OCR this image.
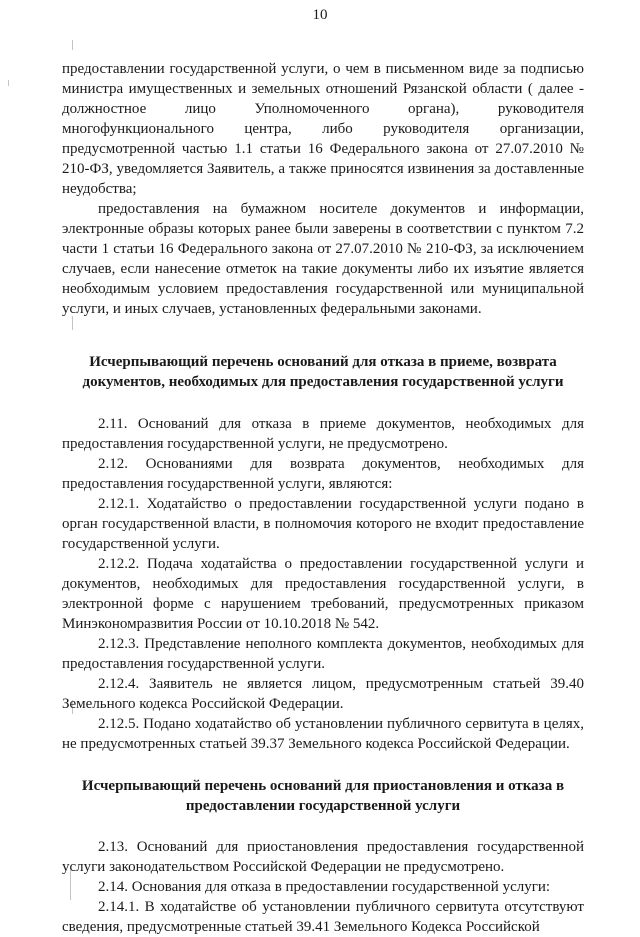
10

предоставлении государственной услуги, о чем в письменном виде за подписью министра имущественных и земельных отношений Рязанской области ( далее - должностное лицо Уполномоченного органа), руководителя многофункционального центра, либо руководителя организации, предусмотренной частью 1.1 статьи 16 Федерального закона от 27.07.2010 № 210-ФЗ, уведомляется Заявитель, а также приносятся извинения за доставленные неудобства;

предоставления на бумажном носителе документов и информации, электронные образы которых ранее были заверены в соответствии с пунктом 7.2 части 1 статьи 16 Федерального закона от 27.07.2010 № 210-ФЗ, за исключением случаев, если нанесение отметок на такие документы либо их изъятие является необходимым условием предоставления государственной или муниципальной услуги, и иных случаев, установленных федеральными законами.

Исчерпывающий перечень оснований для отказа в приеме, возврата документов, необходимых для предоставления государственной услуги

2.11. Оснований для отказа в приеме документов, необходимых для предоставления государственной услуги, не предусмотрено.

2.12. Основаниями для возврата документов, необходимых для предоставления государственной услуги, являются:

2.12.1. Ходатайство о предоставлении государственной услуги подано в орган государственной власти, в полномочия которого не входит предоставление государственной услуги.

2.12.2. Подача ходатайства о предоставлении государственной услуги и документов, необходимых для предоставления государственной услуги, в электронной форме с нарушением требований, предусмотренных приказом Минэкономразвития России от 10.10.2018 № 542.

2.12.3. Представление неполного комплекта документов, необходимых для предоставления государственной услуги.

2.12.4. Заявитель не является лицом, предусмотренным статьей 39.40 Земельного кодекса Российской Федерации.

2.12.5. Подано ходатайство об установлении публичного сервитута в целях, не предусмотренных статьей 39.37 Земельного кодекса Российской Федерации.

Исчерпывающий перечень оснований для приостановления и отказа в предоставлении государственной услуги

2.13. Оснований для приостановления предоставления государственной услуги законодательством Российской Федерации не предусмотрено.

2.14. Основания для отказа в предоставлении государственной услуги:

2.14.1. В ходатайстве об установлении публичного сервитута отсутствуют сведения, предусмотренные статьей 39.41 Земельного Кодекса Российской
